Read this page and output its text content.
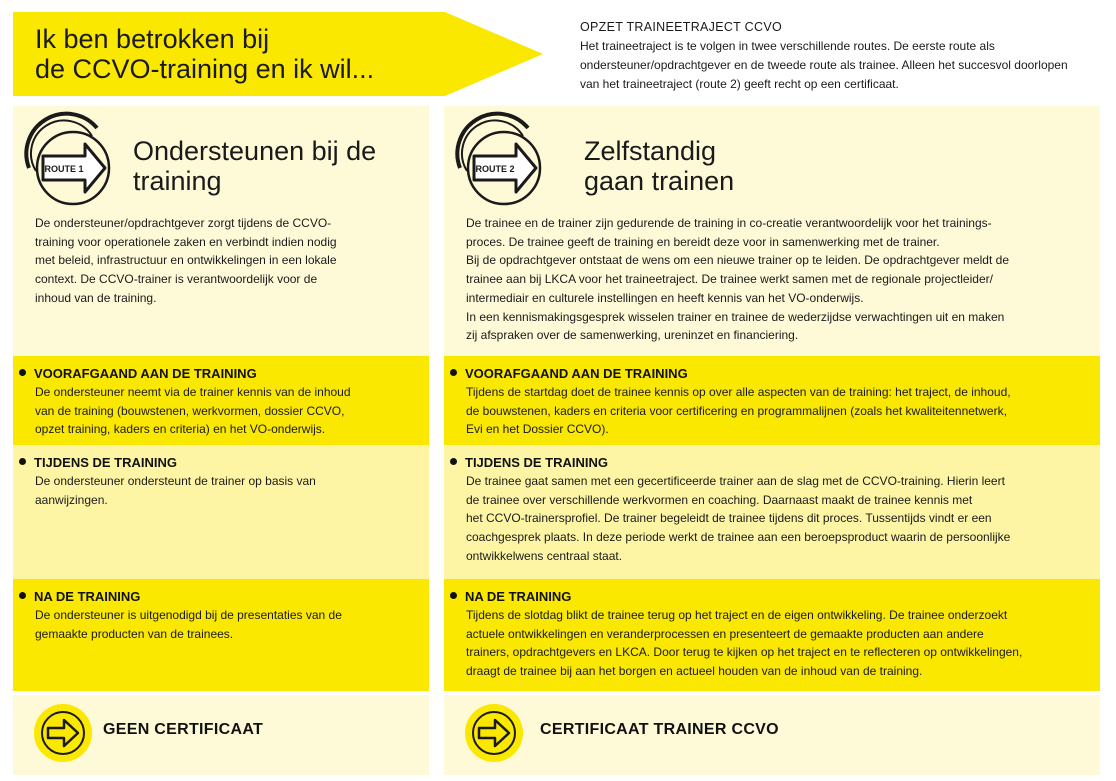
Ik ben betrokken bij
de CCVO-training en ik wil...
OPZET TRAINEETRAJECT CCVO
Het traineetraject is te volgen in twee verschillende routes. De eerste route als ondersteuner/opdrachtgever en de tweede route als trainee. Alleen het succesvol doorlopen van het traineetraject (route 2) geeft recht op een certificaat.
ROUTE 1
Ondersteunen bij de
training
De ondersteuner/opdrachtgever zorgt tijdens de CCVO-
training voor operationele zaken en verbindt indien nodig
met beleid, infrastructuur en ontwikkelingen in een lokale
context. De CCVO-trainer is verantwoordelijk voor de
inhoud van de training.
VOORAFGAAND AAN DE TRAINING
De ondersteuner neemt via de trainer kennis van de inhoud
van de training (bouwstenen, werkvormen, dossier CCVO,
opzet training, kaders en criteria) en het VO-onderwijs.
TIJDENS DE TRAINING
De ondersteuner ondersteunt de trainer op basis van
aanwijzingen.
NA DE TRAINING
De ondersteuner is uitgenodigd bij de presentaties van de
gemaakte producten van de trainees.
GEEN CERTIFICAAT
ROUTE 2
Zelfstandig
gaan trainen
De trainee en de trainer zijn gedurende de training in co-creatie verantwoordelijk voor het trainings-
proces. De trainee geeft de training en bereidt deze voor in samenwerking met de trainer.
Bij de opdrachtgever ontstaat de wens om een nieuwe trainer op te leiden. De opdrachtgever meldt de
trainee aan bij LKCA voor het traineetraject. De trainee werkt samen met de regionale projectleider/
intermediair en culturele instellingen en heeft kennis van het VO-onderwijs.
In een kennismakingsgesprek wisselen trainer en trainee de wederzijdse verwachtingen uit en maken
zij afspraken over de samenwerking, ureninzet en financiering.
VOORAFGAAND AAN DE TRAINING
Tijdens de startdag doet de trainee kennis op over alle aspecten van de training: het traject, de inhoud,
de bouwstenen, kaders en criteria voor certificering en programmalijnen (zoals het kwaliteitennetwerk,
Evi en het Dossier CCVO).
TIJDENS DE TRAINING
De trainee gaat samen met een gecertificeerde trainer aan de slag met de CCVO-training. Hierin leert
de trainee over verschillende werkvormen en coaching. Daarnaast maakt de trainee kennis met
het CCVO-trainersprofiel. De trainer begeleidt de trainee tijdens dit proces. Tussentijds vindt er een
coachgesprek plaats. In deze periode werkt de trainee aan een beroepsproduct waarin de persoonlijke
ontwikkelwens centraal staat.
NA DE TRAINING
Tijdens de slotdag blikt de trainee terug op het traject en de eigen ontwikkeling. De trainee onderzoekt
actuele ontwikkelingen en veranderprocessen en presenteert de gemaakte producten aan andere
trainers, opdrachtgevers en LKCA. Door terug te kijken op het traject en te reflecteren op ontwikkelingen,
draagt de trainee bij aan het borgen en actueel houden van de inhoud van de training.
CERTIFICAAT TRAINER CCVO
